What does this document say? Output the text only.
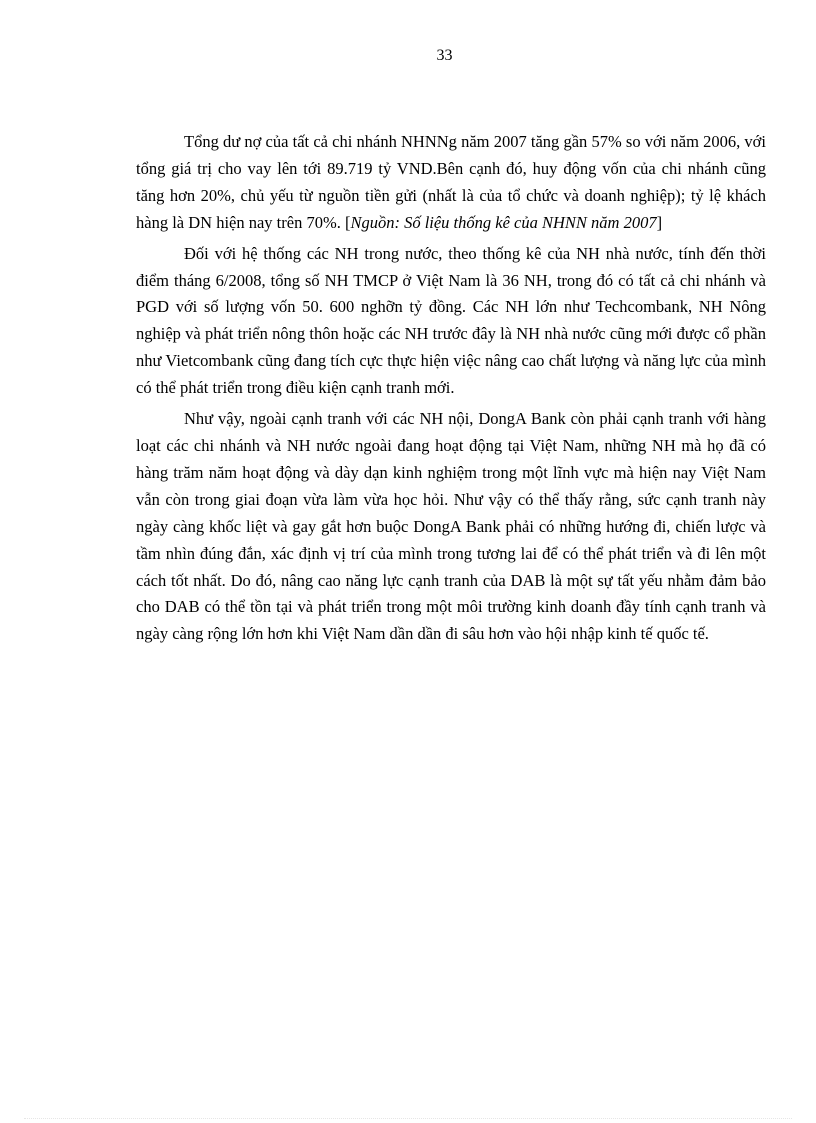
33

Tổng dư nợ của tất cả chi nhánh NHNNg năm 2007 tăng gần 57% so với năm 2006, với tổng giá trị cho vay lên tới 89.719 tỷ VND.Bên cạnh đó, huy động vốn của chi nhánh cũng tăng hơn 20%, chủ yếu từ nguồn tiền gửi (nhất là của tổ chức và doanh nghiệp); tỷ lệ khách hàng là DN hiện nay trên 70%. [Nguồn: Số liệu thống kê của NHNN năm 2007]

Đối với hệ thống các NH trong nước, theo thống kê của NH nhà nước, tính đến thời điểm tháng 6/2008, tổng số NH TMCP ở Việt Nam là 36 NH, trong đó có tất cả chi nhánh và PGD với số lượng vốn 50. 600 nghỡn tỷ đồng. Các NH lớn như Techcombank, NH Nông nghiệp và phát triển nông thôn hoặc các NH trước đây là NH nhà nước cũng mới được cổ phần như Vietcombank cũng đang tích cực thực hiện việc nâng cao chất lượng và năng lực của mình có thể phát triển trong điều kiện cạnh tranh mới.

Như vậy, ngoài cạnh tranh với các NH nội, DongA Bank còn phải cạnh tranh với hàng loạt các chi nhánh và NH nước ngoài đang hoạt động tại Việt Nam, những NH mà họ đã có hàng trăm năm hoạt động và dày dạn kinh nghiệm trong một lĩnh vực mà hiện nay Việt Nam vẫn còn trong giai đoạn vừa làm vừa học hỏi. Như vậy có thể thấy rằng, sức cạnh tranh này ngày càng khốc liệt và gay gắt hơn buộc DongA Bank phải có những hướng đi, chiến lược và tầm nhìn đúng đắn, xác định vị trí của mình trong tương lai để có thể phát triển và đi lên một cách tốt nhất. Do đó, nâng cao năng lực cạnh tranh của DAB là một sự tất yếu nhằm đảm bảo cho DAB có thể tồn tại và phát triển trong một môi trường kinh doanh đầy tính cạnh tranh và ngày càng rộng lớn hơn khi Việt Nam dần dần đi sâu hơn vào hội nhập kinh tế quốc tế.
